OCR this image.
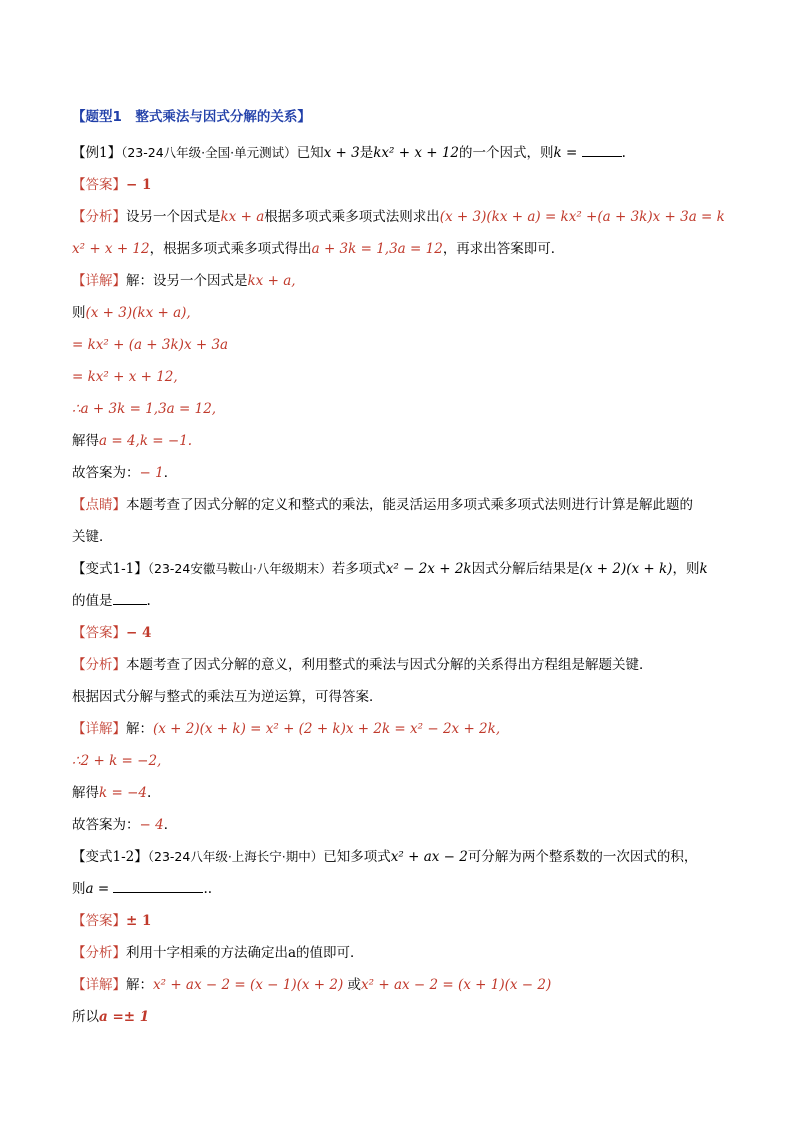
【题型1　整式乘法与因式分解的关系】
【例1】（23-24八年级·全国·单元测试）已知x + 3是kx² + x + 12的一个因式，则k =	.
【答案】− 1
【分析】设另一个因式是kx + a根据多项式乘多项式法则求出(x + 3)(kx + a) = kx² +(a + 3k)x + 3a = k
x² + x + 12，根据多项式乘多项式得出a + 3k = 1,3a = 12，再求出答案即可．
【详解】解：设另一个因式是kx + a,
则(x + 3)(kx + a),
= kx² + (a + 3k)x + 3a
= kx² + x + 12,
∴a + 3k = 1,3a = 12,
解得a = 4,k = −1.
故答案为：− 1．
【点睛】本题考查了因式分解的定义和整式的乘法，能灵活运用多项式乘多项式法则进行计算是解此题的
关键．
【变式1-1】（23-24安徽马鞍山·八年级期末）若多项式x² − 2x + 2k因式分解后结果是(x + 2)(x + k)，则k
的值是	.
【答案】− 4
【分析】本题考查了因式分解的意义，利用整式的乘法与因式分解的关系得出方程组是解题关键．
根据因式分解与整式的乘法互为逆运算，可得答案．
【详解】解：(x + 2)(x + k) = x² + (2 + k)x + 2k = x² − 2x + 2k,
∴2 + k = −2,
解得k = −4.
故答案为：− 4．
【变式1-2】（23-24八年级·上海长宁·期中）已知多项式x² + ax − 2可分解为两个整系数的一次因式的积，
则a =	..
【答案】± 1
【分析】利用十字相乘的方法确定出a的值即可．
【详解】解：x² + ax − 2 = (x − 1)(x + 2) 或x² + ax − 2 = (x + 1)(x − 2)
所以a =± 1
